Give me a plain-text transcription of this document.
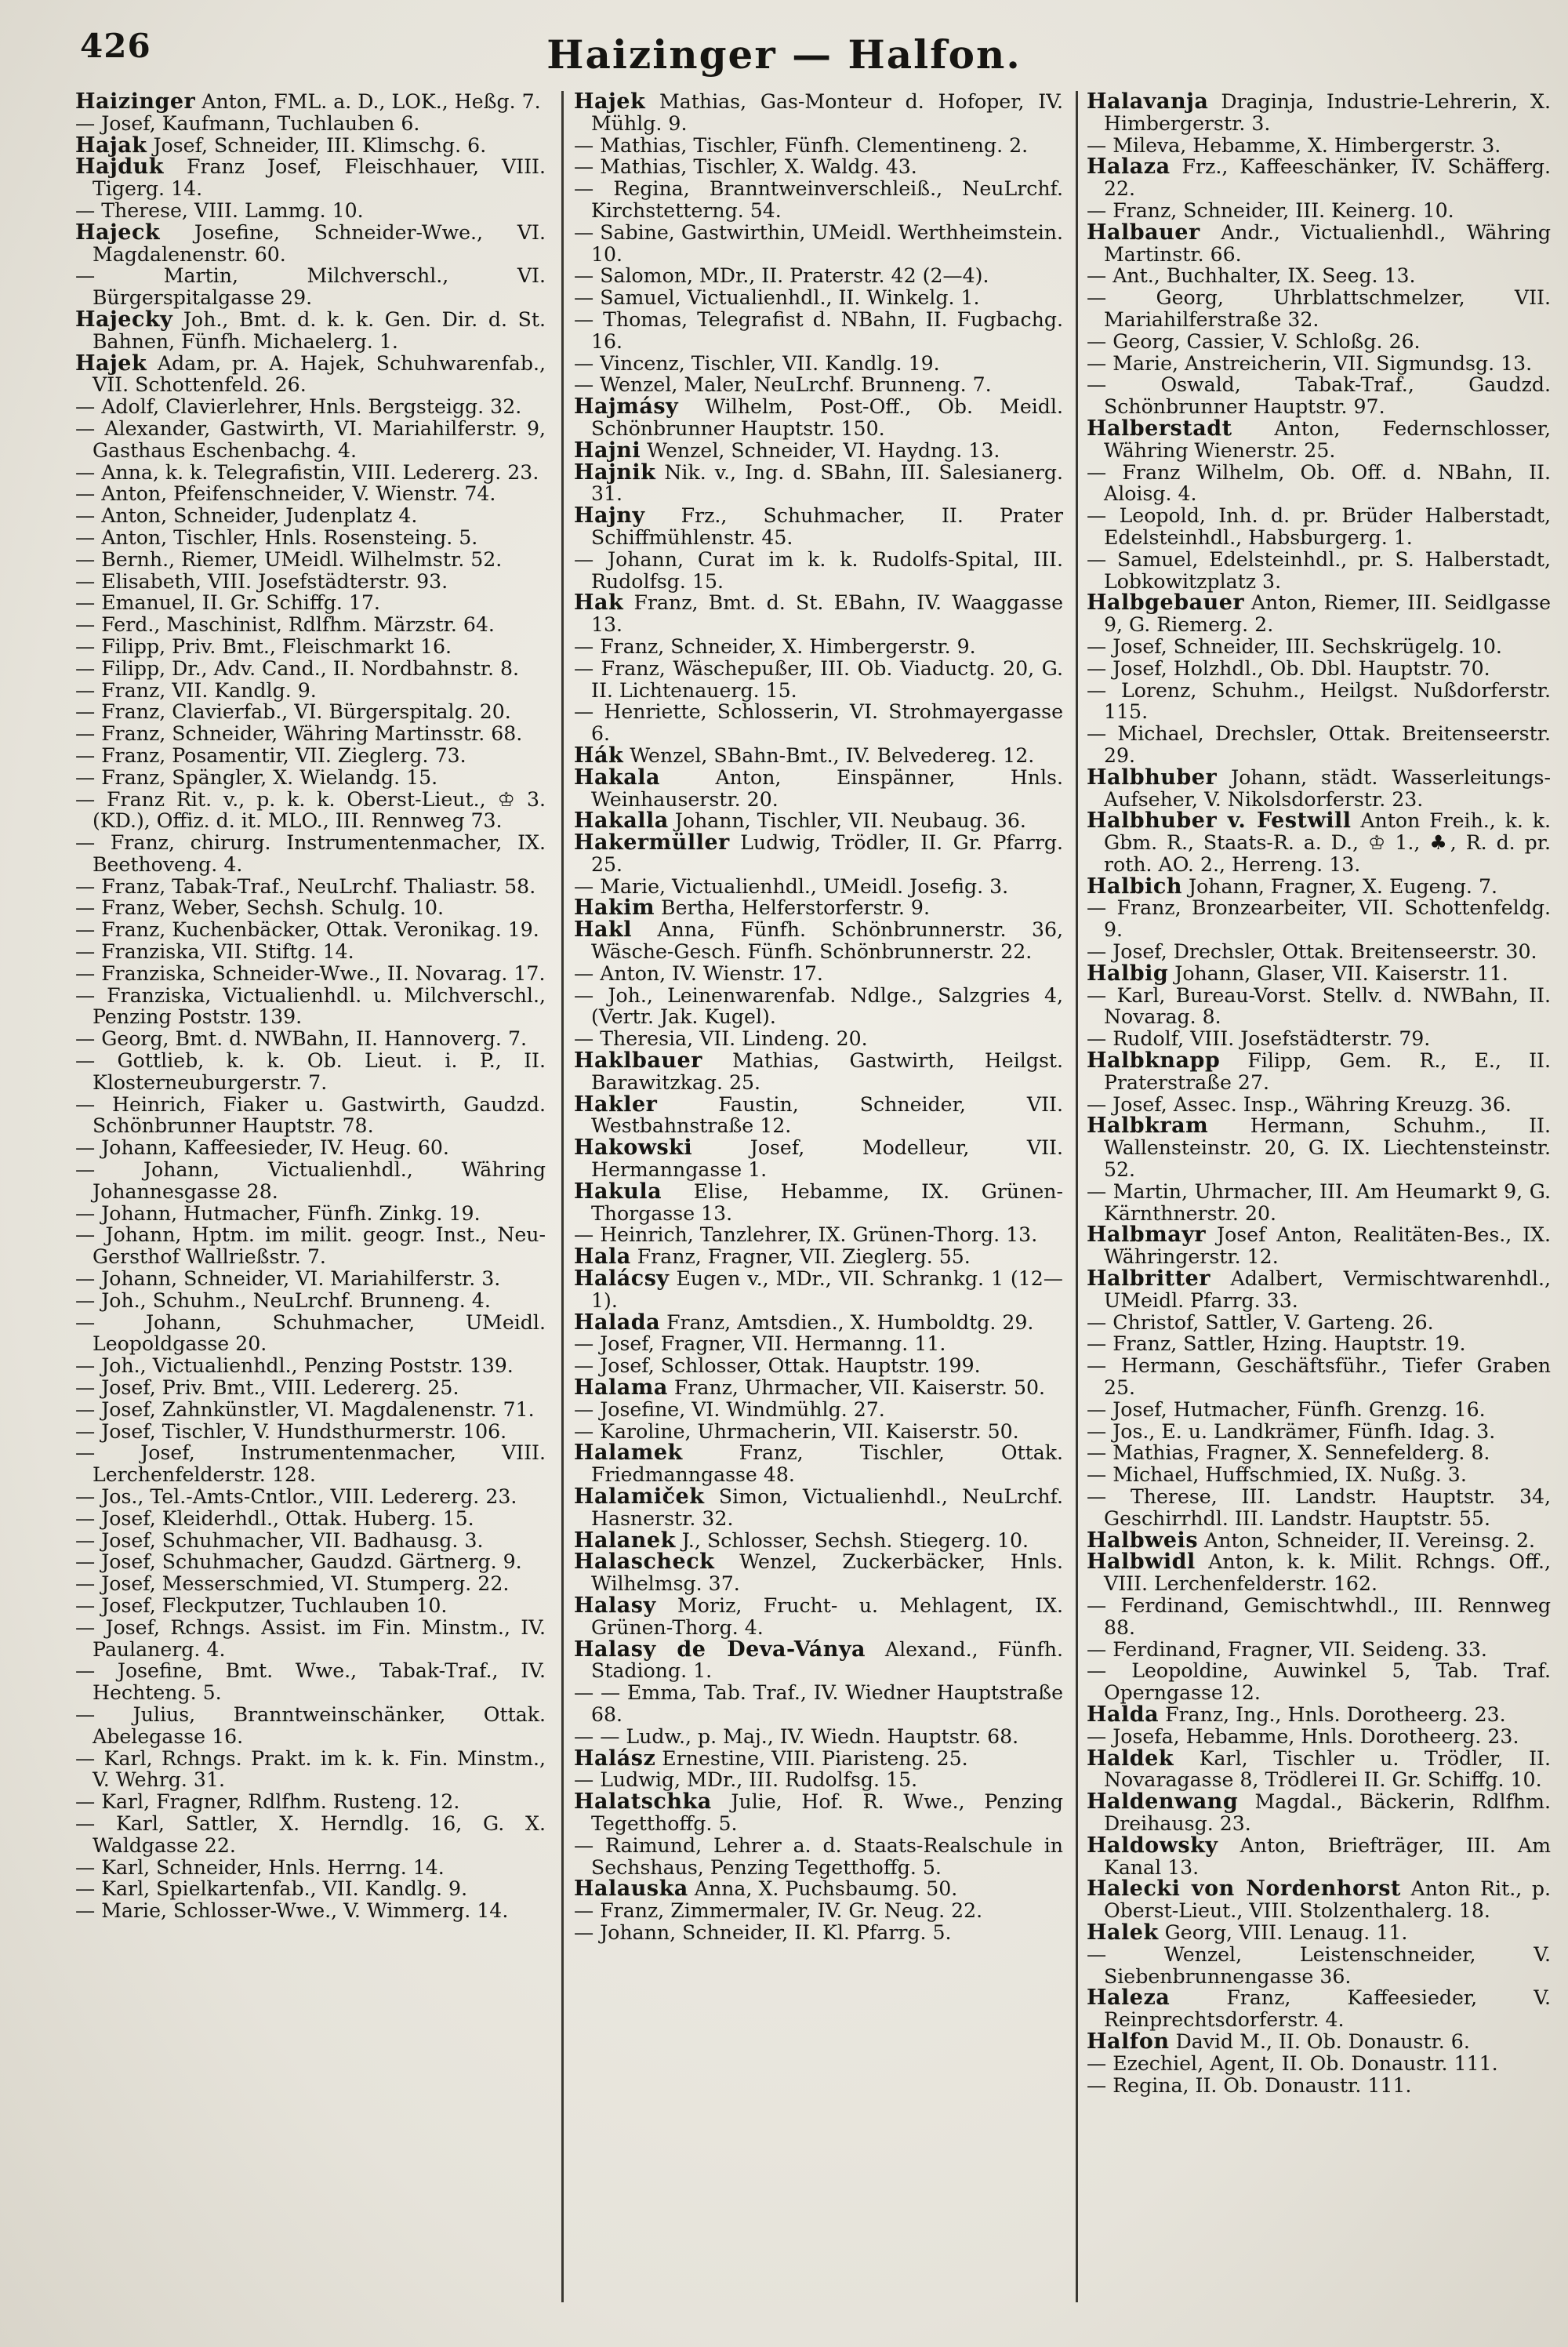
426	Haizinger — Halfon.

Haizinger Anton, FML. a. D., LOK., Heßg. 7.

— Josef, Kaufmann, Tuchlauben 6.

Hajak Josef, Schneider, III. Klimschg. 6.

Hajduk Franz Josef, Fleischhauer, VIII. Tigerg. 14.

— Therese, VIII. Lammg. 10.

Hajeck Josefine, Schneider-Wwe., VI. Magdalenenstr. 60.

— Martin, Milchverschl., VI. Bürgerspitalgasse 29.

Hajecky Joh., Bmt. d. k. k. Gen. Dir. d. St. Bahnen, Fünfh. Michaelerg. 1.

Hajek Adam, pr. A. Hajek, Schuhwarenfab., VII. Schottenfeld. 26.

— Adolf, Clavierlehrer, Hnls. Bergsteigg. 32.

— Alexander, Gastwirth, VI. Mariahilferstr. 9, Gasthaus Eschenbachg. 4.

— Anna, k. k. Telegrafistin, VIII. Ledererg. 23.

— Anton, Pfeifenschneider, V. Wienstr. 74.

— Anton, Schneider, Judenplatz 4.

— Anton, Tischler, Hnls. Rosensteing. 5.

— Bernh., Riemer, UMeidl. Wilhelmstr. 52.

— Elisabeth, VIII. Josefstädterstr. 93.

— Emanuel, II. Gr. Schiffg. 17.

— Ferd., Maschinist, Rdlfhm. Märzstr. 64.

— Filipp, Priv. Bmt., Fleischmarkt 16.

— Filipp, Dr., Adv. Cand., II. Nordbahnstr. 8.

— Franz, VII. Kandlg. 9.

— Franz, Clavierfab., VI. Bürgerspitalg. 20.

— Franz, Schneider, Währing Martinsstr. 68.

— Franz, Posamentir, VII. Zieglerg. 73.

— Franz, Spängler, X. Wielandg. 15.

— Franz Rit. v., p. k. k. Oberst-Lieut., ♔ 3. (KD.), Offiz. d. it. MLO., III. Rennweg 73.

— Franz, chirurg. Instrumentenmacher, IX. Beethoveng. 4.

— Franz, Tabak-Traf., NeuLrchf. Thaliastr. 58.

— Franz, Weber, Sechsh. Schulg. 10.

— Franz, Kuchenbäcker, Ottak. Veronikag. 19.

— Franziska, VII. Stiftg. 14.

— Franziska, Schneider-Wwe., II. Novarag. 17.

— Franziska, Victualienhdl. u. Milchverschl., Penzing Poststr. 139.

— Georg, Bmt. d. NWBahn, II. Hannoverg. 7.

— Gottlieb, k. k. Ob. Lieut. i. P., II. Klosterneuburgerstr. 7.

— Heinrich, Fiaker u. Gastwirth, Gaudzd. Schönbrunner Hauptstr. 78.

— Johann, Kaffeesieder, IV. Heug. 60.

— Johann, Victualienhdl., Währing Johannesgasse 28.

— Johann, Hutmacher, Fünfh. Zinkg. 19.

— Johann, Hptm. im milit. geogr. Inst., Neu-Gersthof Wallrießstr. 7.

— Johann, Schneider, VI. Mariahilferstr. 3.

— Joh., Schuhm., NeuLrchf. Brunneng. 4.

— Johann, Schuhmacher, UMeidl. Leopoldgasse 20.

— Joh., Victualienhdl., Penzing Poststr. 139.

— Josef, Priv. Bmt., VIII. Ledererg. 25.

— Josef, Zahnkünstler, VI. Magdalenenstr. 71.

— Josef, Tischler, V. Hundsthurmerstr. 106.

— Josef, Instrumentenmacher, VIII. Lerchenfelderstr. 128.

— Jos., Tel.-Amts-Cntlor., VIII. Ledererg. 23.

— Josef, Kleiderhdl., Ottak. Huberg. 15.

— Josef, Schuhmacher, VII. Badhausg. 3.

— Josef, Schuhmacher, Gaudzd. Gärtnerg. 9.

— Josef, Messerschmied, VI. Stumperg. 22.

— Josef, Fleckputzer, Tuchlauben 10.

— Josef, Rchngs. Assist. im Fin. Minstm., IV. Paulanerg. 4.

— Josefine, Bmt. Wwe., Tabak-Traf., IV. Hechteng. 5.

— Julius, Branntweinschänker, Ottak. Abelegasse 16.

— Karl, Rchngs. Prakt. im k. k. Fin. Minstm., V. Wehrg. 31.

— Karl, Fragner, Rdlfhm. Rusteng. 12.

— Karl, Sattler, X. Herndlg. 16, G. X. Waldgasse 22.

— Karl, Schneider, Hnls. Herrng. 14.

— Karl, Spielkartenfab., VII. Kandlg. 9.

— Marie, Schlosser-Wwe., V. Wimmerg. 14.

Hajek Mathias, Gas-Monteur d. Hofoper, IV. Mühlg. 9.

— Mathias, Tischler, Fünfh. Clementineng. 2.

— Mathias, Tischler, X. Waldg. 43.

— Regina, Branntweinverschleiß., NeuLrchf. Kirchstetterng. 54.

— Sabine, Gastwirthin, UMeidl. Werthheimstein. 10.

— Salomon, MDr., II. Praterstr. 42 (2—4).

— Samuel, Victualienhdl., II. Winkelg. 1.

— Thomas, Telegrafist d. NBahn, II. Fugbachg. 16.

— Vincenz, Tischler, VII. Kandlg. 19.

— Wenzel, Maler, NeuLrchf. Brunneng. 7.

Hajmásy Wilhelm, Post-Off., Ob. Meidl. Schönbrunner Hauptstr. 150.

Hajni Wenzel, Schneider, VI. Haydng. 13.

Hajnik Nik. v., Ing. d. SBahn, III. Salesianerg. 31.

Hajny Frz., Schuhmacher, II. Prater Schiffmühlenstr. 45.

— Johann, Curat im k. k. Rudolfs-Spital, III. Rudolfsg. 15.

Hak Franz, Bmt. d. St. EBahn, IV. Waaggasse 13.

— Franz, Schneider, X. Himbergerstr. 9.

— Franz, Wäschepußer, III. Ob. Viaductg. 20, G. II. Lichtenauerg. 15.

— Henriette, Schlosserin, VI. Strohmayergasse 6.

Hák Wenzel, SBahn-Bmt., IV. Belvedereg. 12.

Hakala Anton, Einspänner, Hnls. Weinhauserstr. 20.

Hakalla Johann, Tischler, VII. Neubaug. 36.

Hakermüller Ludwig, Trödler, II. Gr. Pfarrg. 25.

— Marie, Victualienhdl., UMeidl. Josefig. 3.

Hakim Bertha, Helferstorferstr. 9.

Hakl Anna, Fünfh. Schönbrunnerstr. 36, Wäsche-Gesch. Fünfh. Schönbrunnerstr. 22.

— Anton, IV. Wienstr. 17.

— Joh., Leinenwarenfab. Ndlge., Salzgries 4, (Vertr. Jak. Kugel).

— Theresia, VII. Lindeng. 20.

Haklbauer Mathias, Gastwirth, Heilgst. Barawitzkag. 25.

Hakler Faustin, Schneider, VII. Westbahnstraße 12.

Hakowski Josef, Modelleur, VII. Hermanngasse 1.

Hakula Elise, Hebamme, IX. Grünen-Thorgasse 13.

— Heinrich, Tanzlehrer, IX. Grünen-Thorg. 13.

Hala Franz, Fragner, VII. Zieglerg. 55.

Halácsy Eugen v., MDr., VII. Schrankg. 1 (12—1).

Halada Franz, Amtsdien., X. Humboldtg. 29.

— Josef, Fragner, VII. Hermanng. 11.

— Josef, Schlosser, Ottak. Hauptstr. 199.

Halama Franz, Uhrmacher, VII. Kaiserstr. 50.

— Josefine, VI. Windmühlg. 27.

— Karoline, Uhrmacherin, VII. Kaiserstr. 50.

Halamek Franz, Tischler, Ottak. Friedmanngasse 48.

Halamiček Simon, Victualienhdl., NeuLrchf. Hasnerstr. 32.

Halanek J., Schlosser, Sechsh. Stiegerg. 10.

Halascheck Wenzel, Zuckerbäcker, Hnls. Wilhelmsg. 37.

Halasy Moriz, Frucht- u. Mehlagent, IX. Grünen-Thorg. 4.

Halasy de Deva-Ványa Alexand., Fünfh. Stadiong. 1.

— — Emma, Tab. Traf., IV. Wiedner Hauptstraße 68.

— — Ludw., p. Maj., IV. Wiedn. Hauptstr. 68.

Halász Ernestine, VIII. Piaristeng. 25.

— Ludwig, MDr., III. Rudolfsg. 15.

Halatschka Julie, Hof. R. Wwe., Penzing Tegetthoffg. 5.

— Raimund, Lehrer a. d. Staats-Realschule in Sechshaus, Penzing Tegetthoffg. 5.

Halauska Anna, X. Puchsbaumg. 50.

— Franz, Zimmermaler, IV. Gr. Neug. 22.

— Johann, Schneider, II. Kl. Pfarrg. 5.

Halavanja Draginja, Industrie-Lehrerin, X. Himbergerstr. 3.

— Mileva, Hebamme, X. Himbergerstr. 3.

Halaza Frz., Kaffeeschänker, IV. Schäfferg. 22.

— Franz, Schneider, III. Keinerg. 10.

Halbauer Andr., Victualienhdl., Währing Martinstr. 66.

— Ant., Buchhalter, IX. Seeg. 13.

— Georg, Uhrblattschmelzer, VII. Mariahilferstraße 32.

— Georg, Cassier, V. Schloßg. 26.

— Marie, Anstreicherin, VII. Sigmundsg. 13.

— Oswald, Tabak-Traf., Gaudzd. Schönbrunner Hauptstr. 97.

Halberstadt Anton, Federnschlosser, Währing Wienerstr. 25.

— Franz Wilhelm, Ob. Off. d. NBahn, II. Aloisg. 4.

— Leopold, Inh. d. pr. Brüder Halberstadt, Edelsteinhdl., Habsburgerg. 1.

— Samuel, Edelsteinhdl., pr. S. Halberstadt, Lobkowitzplatz 3.

Halbgebauer Anton, Riemer, III. Seidlgasse 9, G. Riemerg. 2.

— Josef, Schneider, III. Sechskrügelg. 10.

— Josef, Holzhdl., Ob. Dbl. Hauptstr. 70.

— Lorenz, Schuhm., Heilgst. Nußdorferstr. 115.

— Michael, Drechsler, Ottak. Breitenseerstr. 29.

Halbhuber Johann, städt. Wasserleitungs-Aufseher, V. Nikolsdorferstr. 23.

Halbhuber v. Festwill Anton Freih., k. k. Gbm. R., Staats-R. a. D., ♔ 1., ♣, R. d. pr. roth. AO. 2., Herreng. 13.

Halbich Johann, Fragner, X. Eugeng. 7.

— Franz, Bronzearbeiter, VII. Schottenfeldg. 9.

— Josef, Drechsler, Ottak. Breitenseerstr. 30.

Halbig Johann, Glaser, VII. Kaiserstr. 11.

— Karl, Bureau-Vorst. Stellv. d. NWBahn, II. Novarag. 8.

— Rudolf, VIII. Josefstädterstr. 79.

Halbknapp Filipp, Gem. R., E., II. Praterstraße 27.

— Josef, Assec. Insp., Währing Kreuzg. 36.

Halbkram Hermann, Schuhm., II. Wallensteinstr. 20, G. IX. Liechtensteinstr. 52.

— Martin, Uhrmacher, III. Am Heumarkt 9, G. Kärnthnerstr. 20.

Halbmayr Josef Anton, Realitäten-Bes., IX. Währingerstr. 12.

Halbritter Adalbert, Vermischtwarenhdl., UMeidl. Pfarrg. 33.

— Christof, Sattler, V. Garteng. 26.

— Franz, Sattler, Hzing. Hauptstr. 19.

— Hermann, Geschäftsführ., Tiefer Graben 25.

— Josef, Hutmacher, Fünfh. Grenzg. 16.

— Jos., E. u. Landkrämer, Fünfh. Idag. 3.

— Mathias, Fragner, X. Sennefelderg. 8.

— Michael, Huffschmied, IX. Nußg. 3.

— Therese, III. Landstr. Hauptstr. 34, Geschirrhdl. III. Landstr. Hauptstr. 55.

Halbweis Anton, Schneider, II. Vereinsg. 2.

Halbwidl Anton, k. k. Milit. Rchngs. Off., VIII. Lerchenfelderstr. 162.

— Ferdinand, Gemischtwhdl., III. Rennweg 88.

— Ferdinand, Fragner, VII. Seideng. 33.

— Leopoldine, Auwinkel 5, Tab. Traf. Operngasse 12.

Halda Franz, Ing., Hnls. Dorotheerg. 23.

— Josefa, Hebamme, Hnls. Dorotheerg. 23.

Haldek Karl, Tischler u. Trödler, II. Novaragasse 8, Trödlerei II. Gr. Schiffg. 10.

Haldenwang Magdal., Bäckerin, Rdlfhm. Dreihausg. 23.

Haldowsky Anton, Briefträger, III. Am Kanal 13.

Halecki von Nordenhorst Anton Rit., p. Oberst-Lieut., VIII. Stolzenthalerg. 18.

Halek Georg, VIII. Lenaug. 11.

— Wenzel, Leistenschneider, V. Siebenbrunnengasse 36.

Haleza Franz, Kaffeesieder, V. Reinprechtsdorferstr. 4.

Halfon David M., II. Ob. Donaustr. 6.

— Ezechiel, Agent, II. Ob. Donaustr. 111.

— Regina, II. Ob. Donaustr. 111.
